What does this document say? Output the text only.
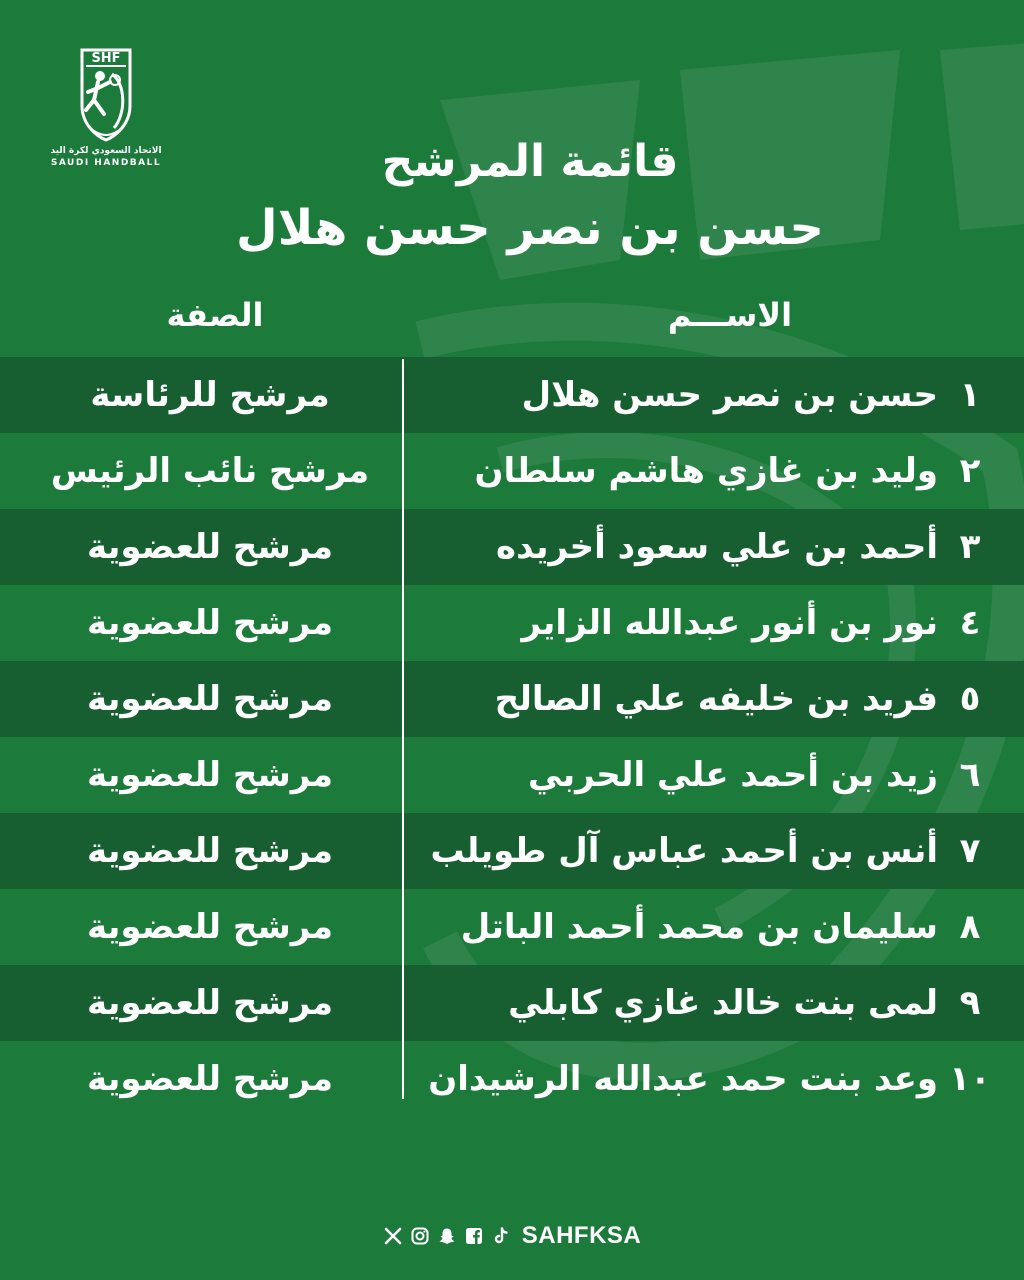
SHF
الاتحاد السعودي لكرة اليد
SAUDI HANDBALL	قائمة المرشح
حسن بن نصر حسن هلال
الاســـم
الصفة
١
حسن بن نصر حسن هلال
مرشح للرئاسة
٢
وليد بن غازي هاشم سلطان
مرشح نائب الرئيس
٣
أحمد بن علي سعود أخريده
مرشح للعضوية
٤
نور بن أنور عبدالله الزاير
مرشح للعضوية
٥
فريد بن خليفه علي الصالح
مرشح للعضوية
٦
زيد بن أحمد علي الحربي
مرشح للعضوية
٧
أنس بن أحمد عباس آل طويلب
مرشح للعضوية
٨
سليمان بن محمد أحمد الباتل
مرشح للعضوية
٩
لمى بنت خالد غازي كابلي
مرشح للعضوية
١٠
وعد بنت حمد عبدالله الرشيدان
مرشح للعضوية
SAHFKSA
